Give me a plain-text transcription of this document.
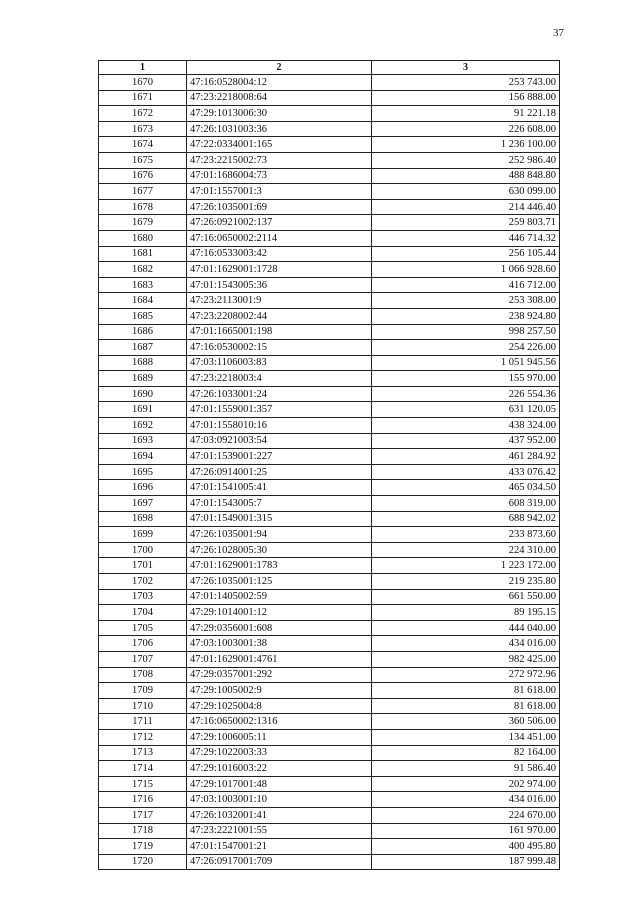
37
1	2	3
1670	47:16:0528004:12	253 743.00
1671	47:23:2218008:64	156 888.00
1672	47:29:1013006:30	91 221.18
1673	47:26:1031003:36	226 608.00
1674	47:22:0334001:165	1 236 100.00
1675	47:23:2215002:73	252 986.40
1676	47:01:1686004:73	488 848.80
1677	47:01:1557001:3	630 099.00
1678	47:26:1035001:69	214 446.40
1679	47:26:0921002:137	259 803.71
1680	47:16:0650002:2114	446 714.32
1681	47:16:0533003:42	256 105.44
1682	47:01:1629001:1728	1 066 928.60
1683	47:01:1543005:36	416 712.00
1684	47:23:2113001:9	253 308.00
1685	47:23:2208002:44	238 924.80
1686	47:01:1665001:198	998 257.50
1687	47:16:0530002:15	254 226.00
1688	47:03:1106003:83	1 051 945.56
1689	47:23:2218003:4	155 970.00
1690	47:26:1033001:24	226 554.36
1691	47:01:1559001:357	631 120.05
1692	47:01:1558010:16	438 324.00
1693	47:03:0921003:54	437 952.00
1694	47:01:1539001:227	461 284.92
1695	47:26:0914001:25	433 076.42
1696	47:01:1541005:41	465 034.50
1697	47:01:1543005:7	608 319.00
1698	47:01:1549001:315	688 942.02
1699	47:26:1035001:94	233 873.60
1700	47:26:1028005:30	224 310.00
1701	47:01:1629001:1783	1 223 172.00
1702	47:26:1035001:125	219 235.80
1703	47:01:1405002:59	661 550.00
1704	47:29:1014001:12	89 195.15
1705	47:29:0356001:608	444 040.00
1706	47:03:1003001:38	434 016.00
1707	47:01:1629001:4761	982 425.00
1708	47:29:0357001:292	272 972.96
1709	47:29:1005002:9	81 618.00
1710	47:29:1025004:8	81 618.00
1711	47:16:0650002:1316	360 506.00
1712	47:29:1006005:11	134 451.00
1713	47:29:1022003:33	82 164.00
1714	47:29:1016003:22	91 586.40
1715	47:29:1017001:48	202 974.00
1716	47:03:1003001:10	434 016.00
1717	47:26:1032001:41	224 670.00
1718	47:23:2221001:55	161 970.00
1719	47:01:1547001:21	400 495.80
1720	47:26:0917001:709	187 999.48
